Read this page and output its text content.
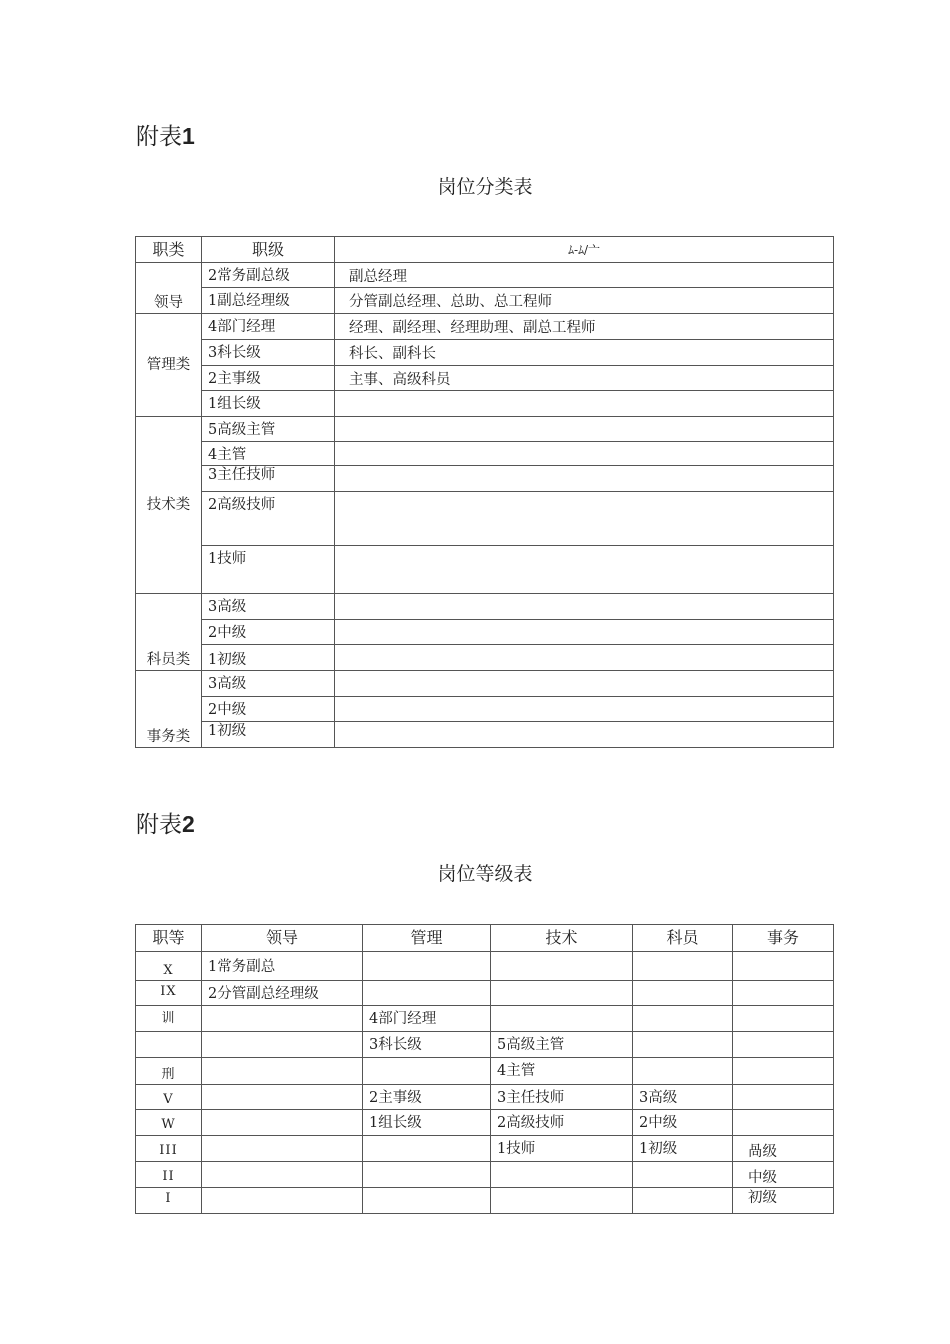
附表1
岗位分类表
职类	职级	ﾑ-ﾑ/亠
领导	2常务副总级	副总经理

	1副总经理级	分管副总经理、总助、总工程师

管理类	4部门经理	经理、副经理、经理助理、副总工程师

	3科长级	科长、副科长

	2主事级	主事、高级科员

	1组长级	

技术类	5高级主管	

	4主管	

	3主任技师	

	2高级技师	

	1技师	

科员类	3高级	

	2中级	

	1初级	

事务类	3高级	

	2中级	

	1初级	

附表2
岗位等级表
职等	领导	管理	技术	科员	事务

X	1常务副总				

IX	2分管副总经理级				

训		4部门经理			

		3科长级	5高级主管		

刑			4主管		

V		2主事级	3主任技师	3高级	

W		1组长级	2高级技师	2中级	

III			1技师	1初级	咼级

II					中级

I					初级
